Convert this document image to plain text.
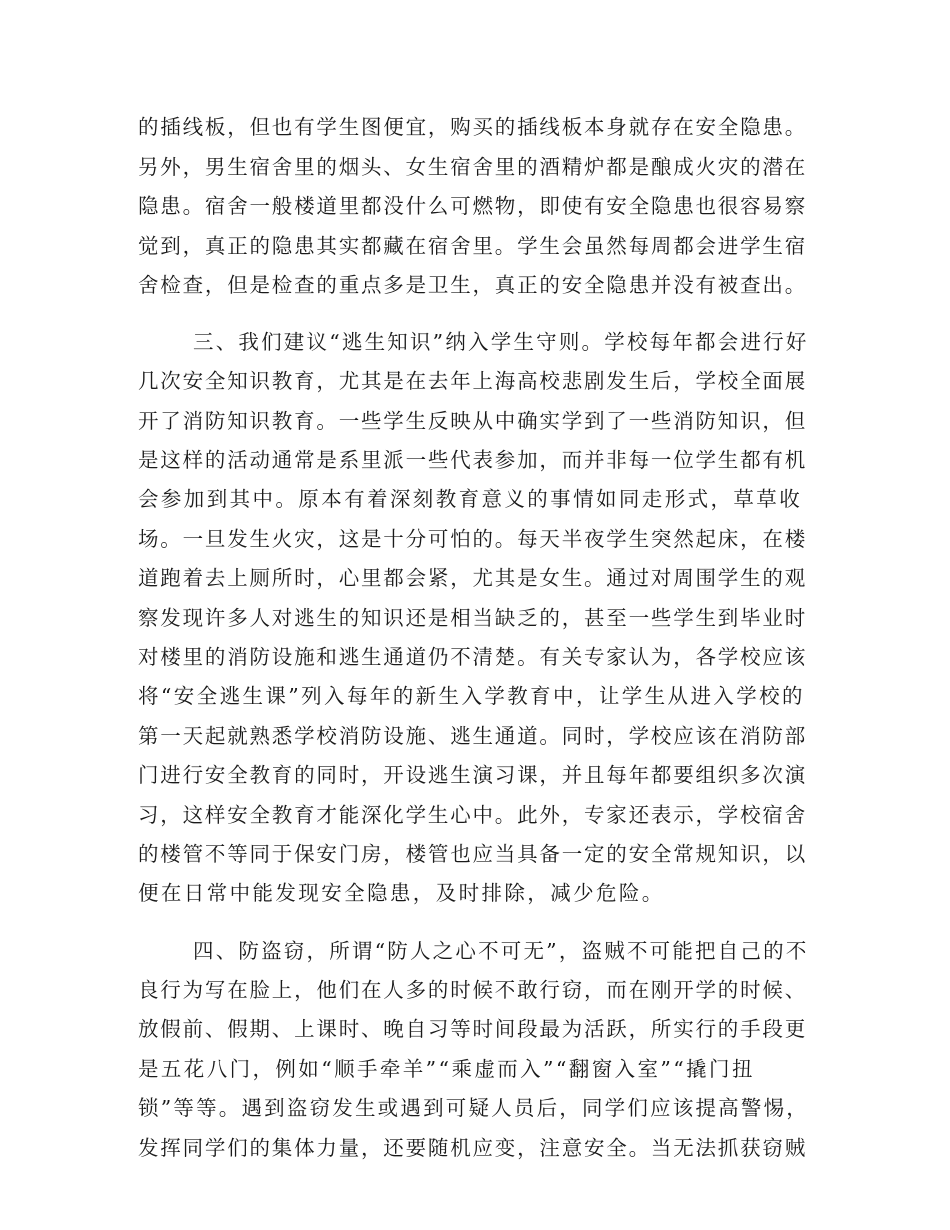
的插线板，但也有学生图便宜，购买的插线板本身就存在安全隐患。
另外，男生宿舍里的烟头、女生宿舍里的酒精炉都是酿成火灾的潜在
隐患。宿舍一般楼道里都没什么可燃物，即使有安全隐患也很容易察
觉到，真正的隐患其实都藏在宿舍里。学生会虽然每周都会进学生宿
舍检查，但是检查的重点多是卫生，真正的安全隐患并没有被查出。
三、我们建议“逃生知识”纳入学生守则。学校每年都会进行好
几次安全知识教育，尤其是在去年上海高校悲剧发生后，学校全面展
开了消防知识教育。一些学生反映从中确实学到了一些消防知识，但
是这样的活动通常是系里派一些代表参加，而并非每一位学生都有机
会参加到其中。原本有着深刻教育意义的事情如同走形式，草草收
场。一旦发生火灾，这是十分可怕的。每天半夜学生突然起床，在楼
道跑着去上厕所时，心里都会紧，尤其是女生。通过对周围学生的观
察发现许多人对逃生的知识还是相当缺乏的，甚至一些学生到毕业时
对楼里的消防设施和逃生通道仍不清楚。有关专家认为，各学校应该
将“安全逃生课”列入每年的新生入学教育中，让学生从进入学校的
第一天起就熟悉学校消防设施、逃生通道。同时，学校应该在消防部
门进行安全教育的同时，开设逃生演习课，并且每年都要组织多次演
习，这样安全教育才能深化学生心中。此外，专家还表示，学校宿舍
的楼管不等同于保安门房，楼管也应当具备一定的安全常规知识，以
便在日常中能发现安全隐患，及时排除，减少危险。
四、防盗窃，所谓“防人之心不可无”，盗贼不可能把自己的不
良行为写在脸上，他们在人多的时候不敢行窃，而在刚开学的时候、
放假前、假期、上课时、晚自习等时间段最为活跃，所实行的手段更
是五花八门，例如“顺手牵羊”“乘虚而入”“翻窗入室”“撬门扭
锁”等等。遇到盗窃发生或遇到可疑人员后，同学们应该提高警惕，
发挥同学们的集体力量，还要随机应变，注意安全。当无法抓获窃贼
